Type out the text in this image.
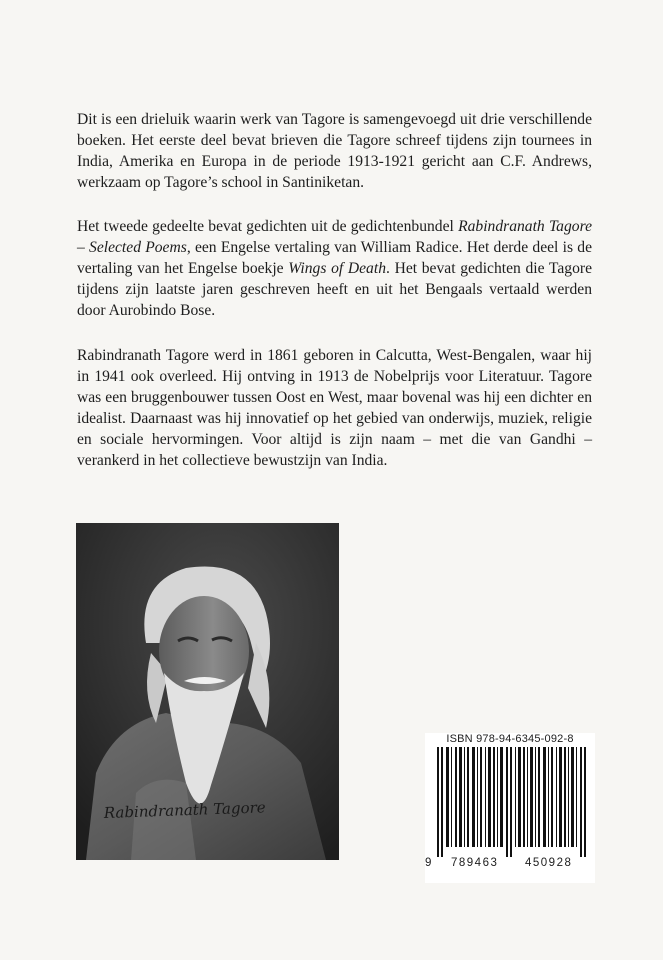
Dit is een drieluik waarin werk van Tagore is samengevoegd uit drie verschillende boeken. Het eerste deel bevat brieven die Tagore schreef tijdens zijn tournees in India, Amerika en Europa in de periode 1913-1921 gericht aan C.F. Andrews, werkzaam op Tagore’s school in Santiniketan.

Het tweede gedeelte bevat gedichten uit de gedichtenbundel Rabindranath Tagore – Selected Poems, een Engelse vertaling van William Radice. Het derde deel is de vertaling van het Engelse boekje Wings of Death. Het bevat gedichten die Tagore tijdens zijn laatste jaren geschreven heeft en uit het Bengaals vertaald werden door Aurobindo Bose.

Rabindranath Tagore werd in 1861 geboren in Calcutta, West-Bengalen, waar hij in 1941 ook overleed. Hij ontving in 1913 de Nobelprijs voor Literatuur. Tagore was een bruggenbouwer tussen Oost en West, maar bovenal was hij een dichter en idealist. Daarnaast was hij innovatief op het gebied van onderwijs, muziek, religie en sociale hervormingen. Voor altijd is zijn naam – met die van Gandhi – verankerd in het collectieve bewustzijn van India.

Rabindranath Tagore
ISBN 978-94-6345-092-8
9 789463 450928
